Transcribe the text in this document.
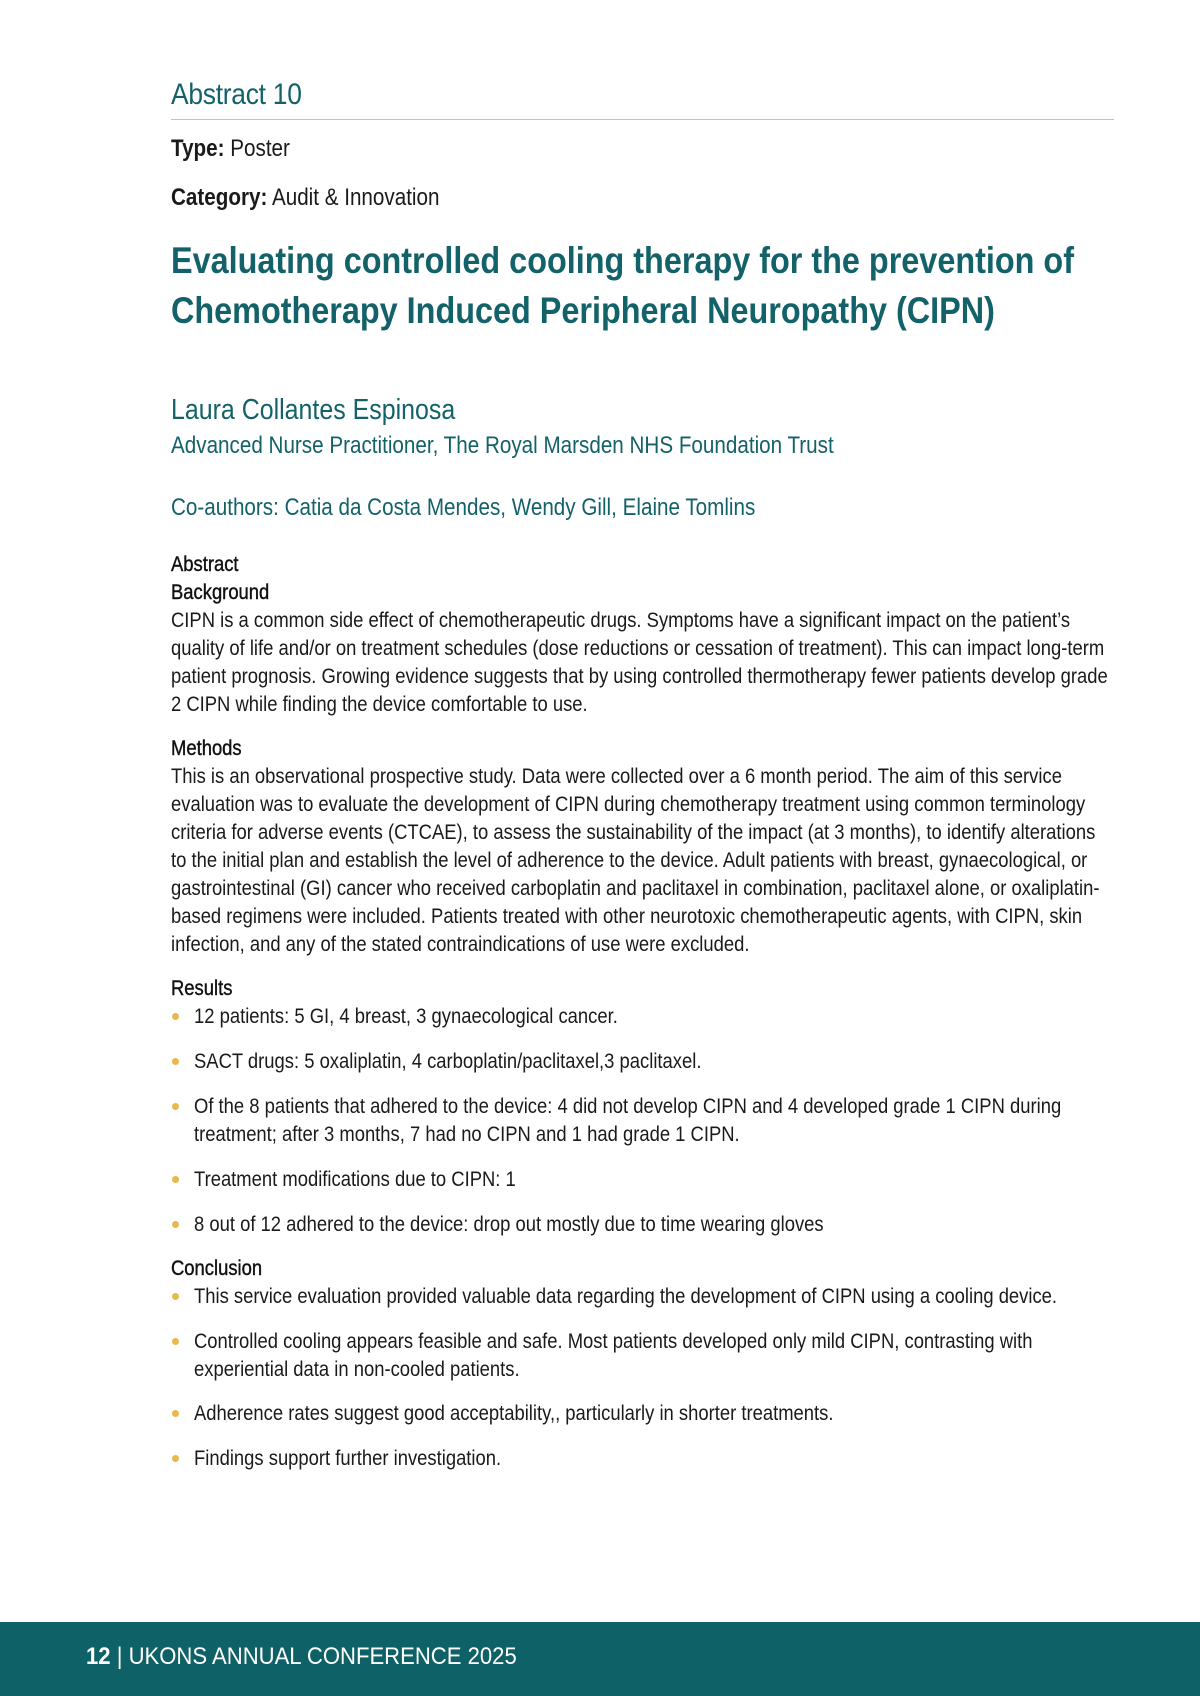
Abstract 10
Type: Poster
Category: Audit & Innovation
Evaluating controlled cooling therapy for the prevention of
Chemotherapy Induced Peripheral Neuropathy (CIPN)
Laura Collantes Espinosa
Advanced Nurse Practitioner, The Royal Marsden NHS Foundation Trust
Co-authors: Catia da Costa Mendes, Wendy Gill, Elaine Tomlins
Abstract
Background
CIPN is a common side effect of chemotherapeutic drugs. Symptoms have a significant impact on the patient’s
quality of life and/or on treatment schedules (dose reductions or cessation of treatment). This can impact long-term
patient prognosis. Growing evidence suggests that by using controlled thermotherapy fewer patients develop grade
2 CIPN while finding the device comfortable to use.
Methods
This is an observational prospective study. Data were collected over a 6 month period. The aim of this service
evaluation was to evaluate the development of CIPN during chemotherapy treatment using common terminology
criteria for adverse events (CTCAE), to assess the sustainability of the impact (at 3 months), to identify alterations
to the initial plan and establish the level of adherence to the device. Adult patients with breast, gynaecological, or
gastrointestinal (GI) cancer who received carboplatin and paclitaxel in combination, paclitaxel alone, or oxaliplatin-
based regimens were included. Patients treated with other neurotoxic chemotherapeutic agents, with CIPN, skin
infection, and any of the stated contraindications of use were excluded.
Results
12 patients: 5 GI, 4 breast, 3 gynaecological cancer.
SACT drugs: 5 oxaliplatin, 4 carboplatin/paclitaxel,3 paclitaxel.
Of the 8 patients that adhered to the device: 4 did not develop CIPN and 4 developed grade 1 CIPN during
treatment; after 3 months, 7 had no CIPN and 1 had grade 1 CIPN.
Treatment modifications due to CIPN: 1
8 out of 12 adhered to the device: drop out mostly due to time wearing gloves
Conclusion
This service evaluation provided valuable data regarding the development of CIPN using a cooling device.
Controlled cooling appears feasible and safe. Most patients developed only mild CIPN, contrasting with
experiential data in non-cooled patients.
Adherence rates suggest good acceptability,, particularly in shorter treatments.
Findings support further investigation.
12 | UKONS ANNUAL CONFERENCE 2025
